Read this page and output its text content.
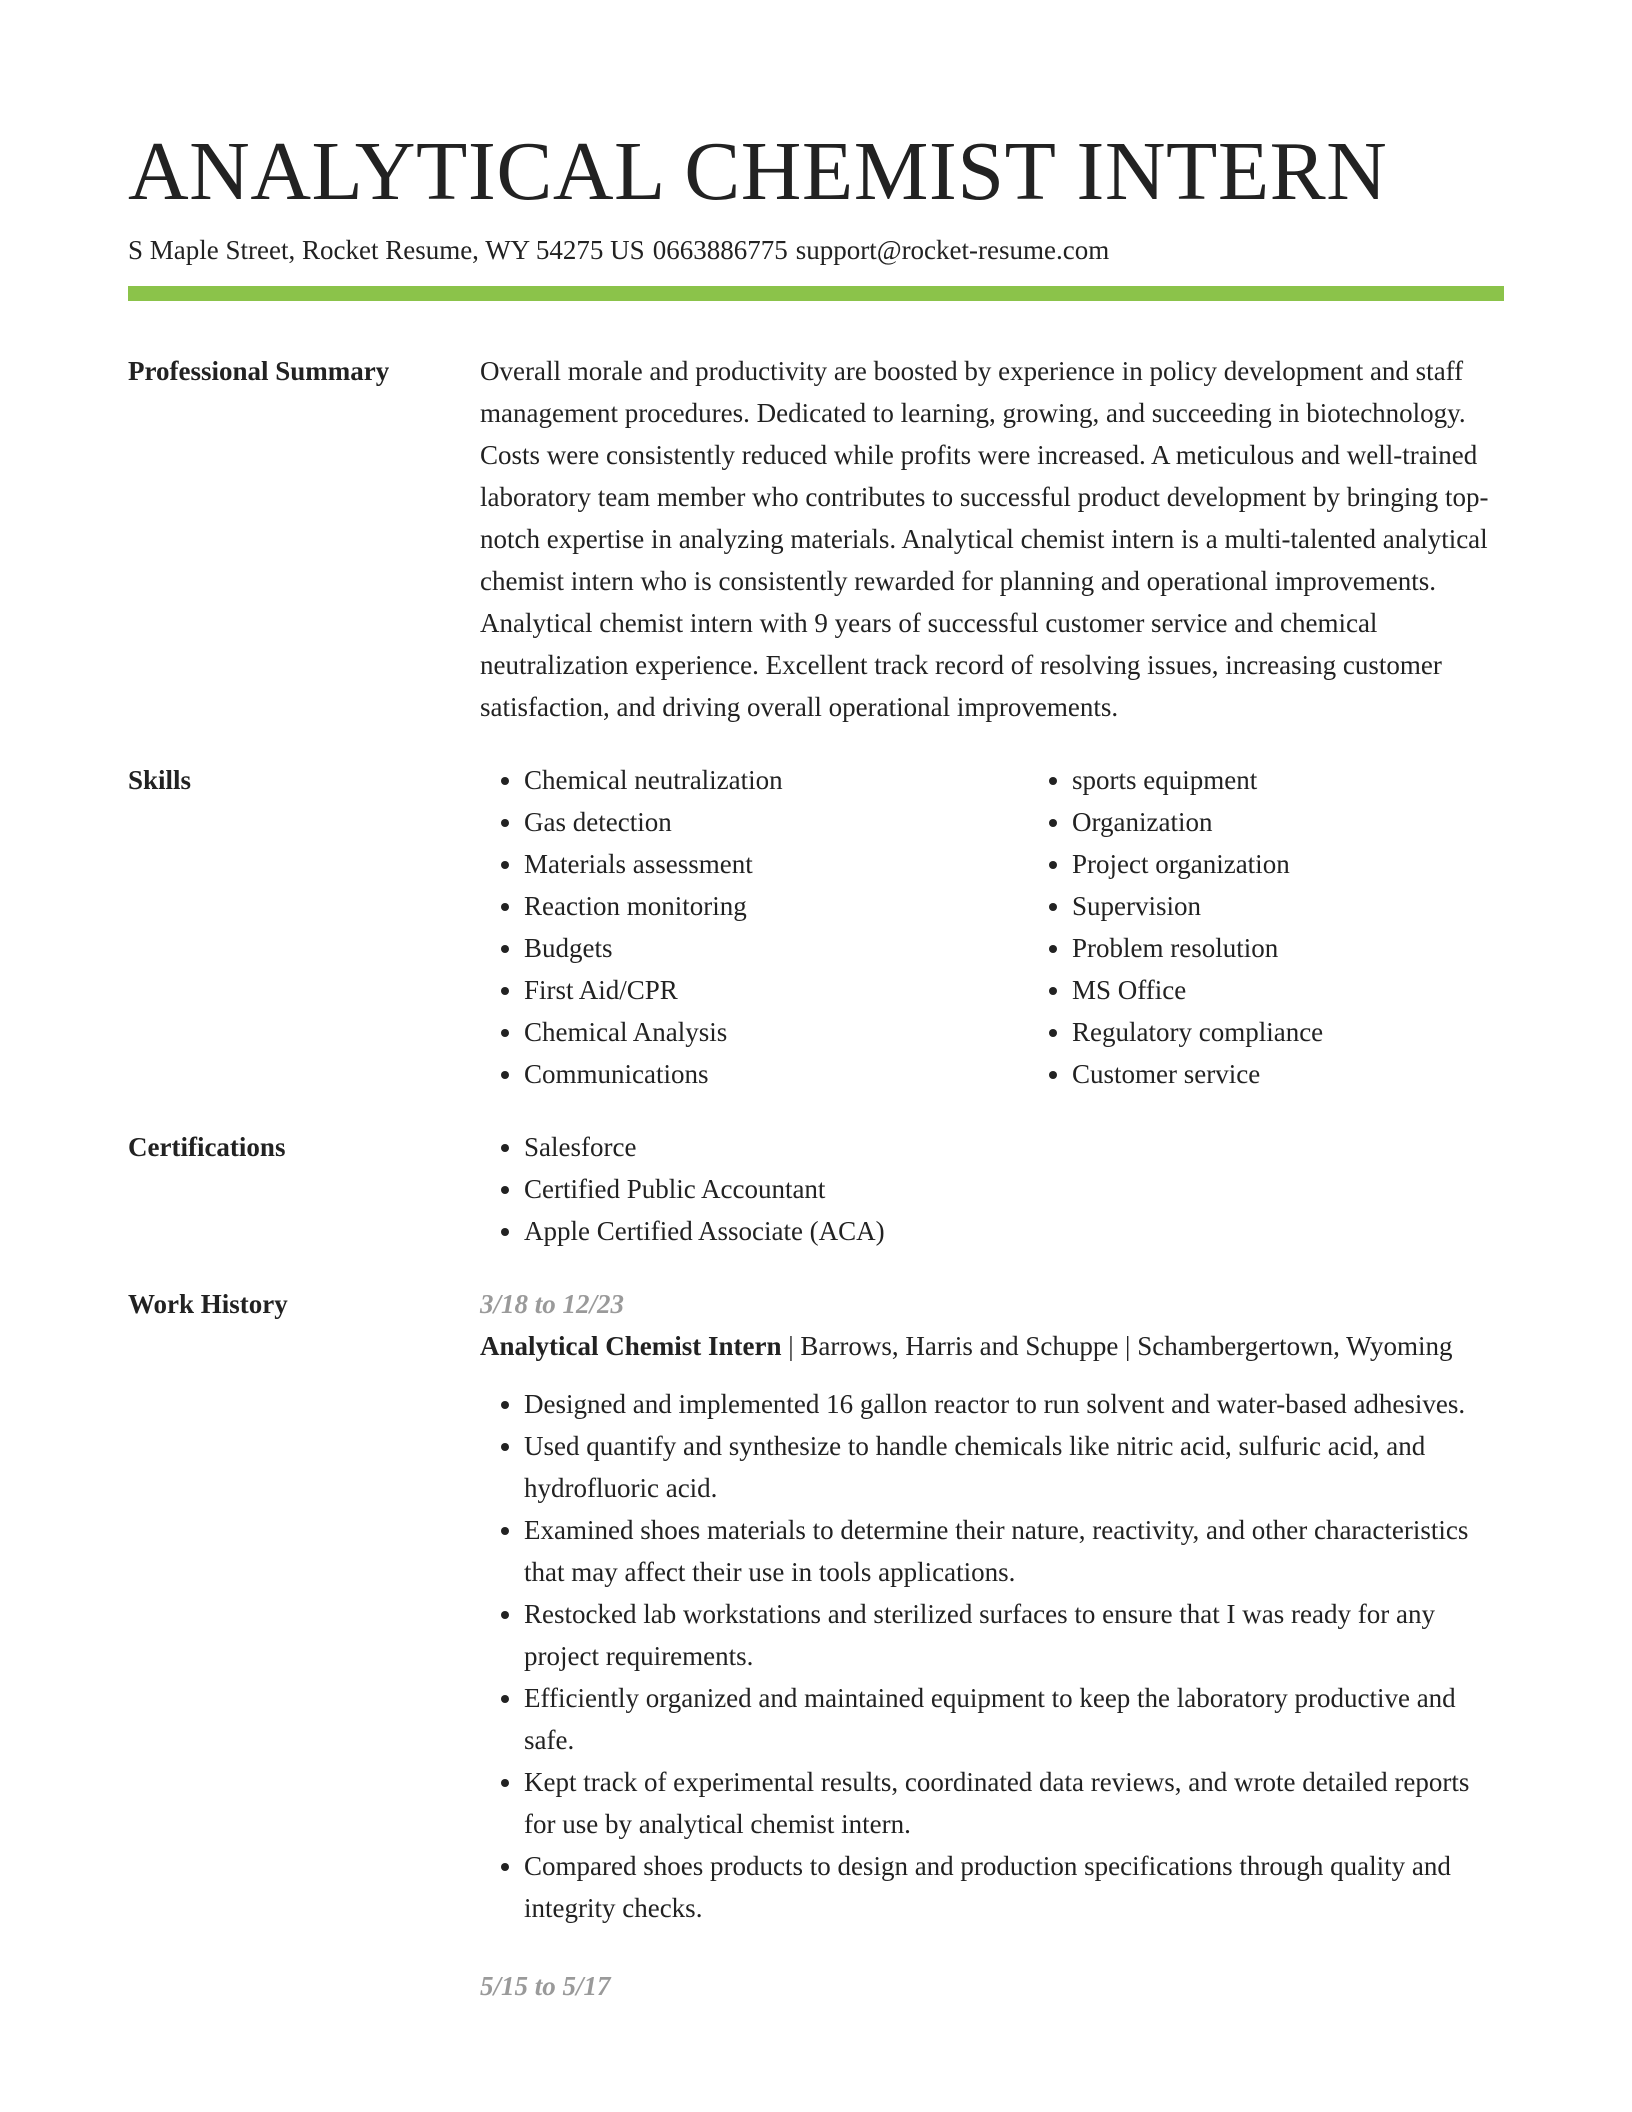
ANALYTICAL CHEMIST INTERN
S Maple Street, Rocket Resume, WY 54275 US 0663886775 support@rocket-resume.com
Professional Summary	Overall morale and productivity are boosted by experience in policy development and staff management procedures. Dedicated to learning, growing, and succeeding in biotechnology. Costs were consistently reduced while profits were increased. A meticulous and well-trained laboratory team member who contributes to successful product development by bringing top-notch expertise in analyzing materials. Analytical chemist intern is a multi-talented analytical chemist intern who is consistently rewarded for planning and operational improvements. Analytical chemist intern with 9 years of successful customer service and chemical neutralization experience. Excellent track record of resolving issues, increasing customer satisfaction, and driving overall operational improvements.

Skills	• Chemical neutralization
• Gas detection
• Materials assessment
• Reaction monitoring
• Budgets
• First Aid/CPR
• Chemical Analysis
• Communications
• sports equipment
• Organization
• Project organization
• Supervision
• Problem resolution
• MS Office
• Regulatory compliance
• Customer service
Certifications	• Salesforce
• Certified Public Accountant
• Apple Certified Associate (ACA)
Work History	3/18 to 12/23

Analytical Chemist Intern | Barrows, Harris and Schuppe | Schambergertown, Wyoming

• Designed and implemented 16 gallon reactor to run solvent and water-based adhesives.
• Used quantify and synthesize to handle chemicals like nitric acid, sulfuric acid, and hydrofluoric acid.
• Examined shoes materials to determine their nature, reactivity, and other characteristics that may affect their use in tools applications.
• Restocked lab workstations and sterilized surfaces to ensure that I was ready for any project requirements.
• Efficiently organized and maintained equipment to keep the laboratory productive and safe.
• Kept track of experimental results, coordinated data reviews, and wrote detailed reports for use by analytical chemist intern.
• Compared shoes products to design and production specifications through quality and integrity checks.
5/15 to 5/17
